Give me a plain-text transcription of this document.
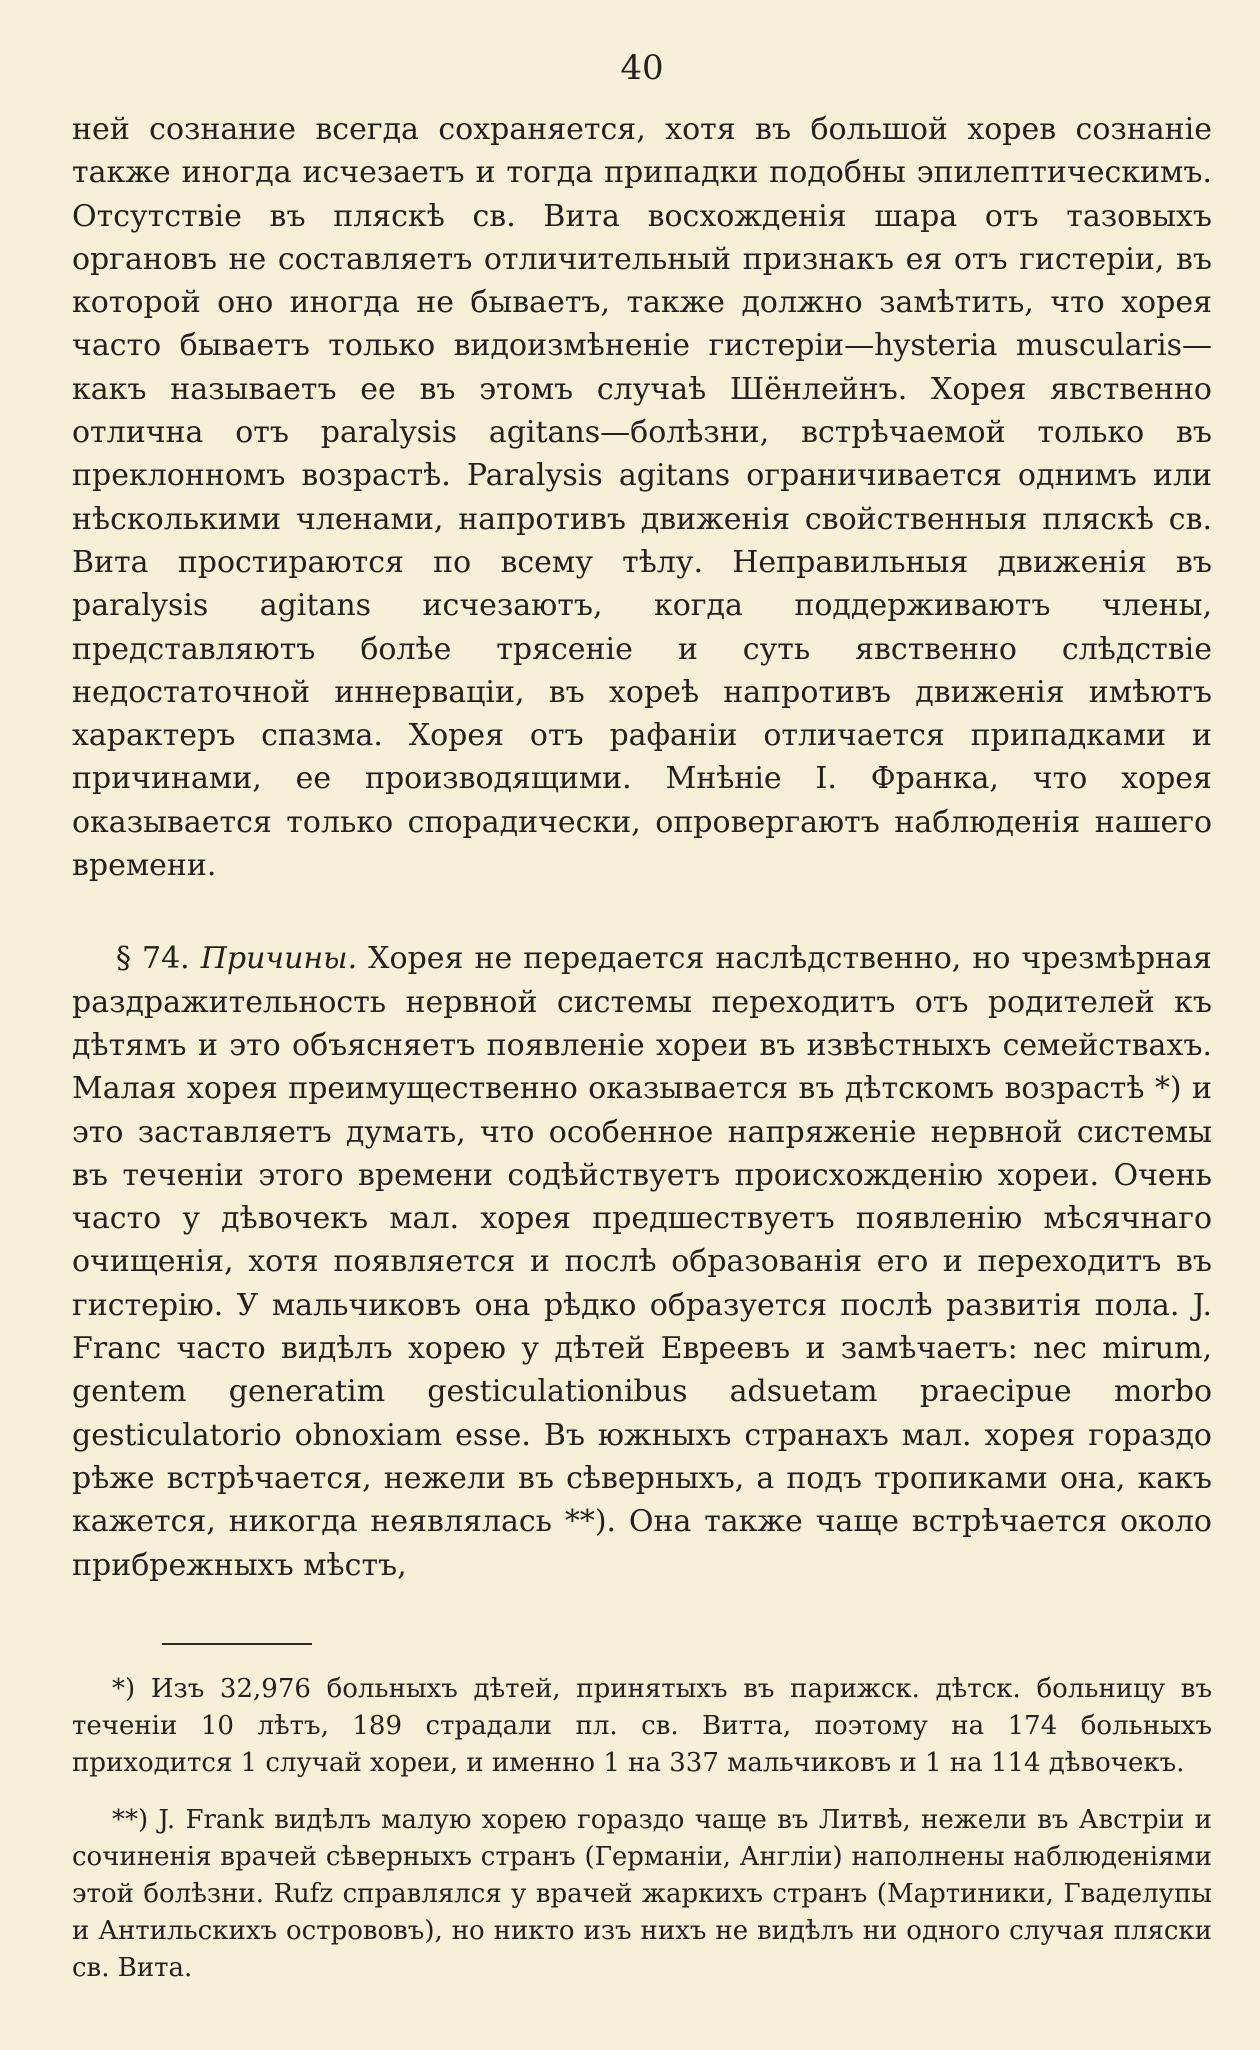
40

ней сознание всегда сохраняется, хотя въ большой хорев сознаніе также иногда исчезаетъ и тогда припадки подобны эпилептическимъ. Отсутствіе въ пляскѣ св. Вита восхожденія шара отъ тазовыхъ органовъ не составляетъ отличительный признакъ ея отъ гистеріи, въ которой оно иногда не бываетъ, также должно замѣтить, что хорея часто бываетъ только видоизмѣненіе гистеріи—hysteria muscularis—какъ называетъ ее въ этомъ случаѣ Шёнлейнъ. Хорея явственно отлична отъ paralysis agitans—болѣзни, встрѣчаемой только въ преклонномъ возрастѣ. Paralysis agitans ограничивается однимъ или нѣсколькими членами, напротивъ движенія свойственныя пляскѣ св. Вита простираются по всему тѣлу. Неправильныя движенія въ paralysis agitans исчезаютъ, когда поддерживаютъ члены, представляютъ болѣе трясеніе и суть явственно слѣдствіе недостаточной иннерваціи, въ хореѣ напротивъ движенія имѣютъ характеръ спазма. Хорея отъ рафаніи отличается припадками и причинами, ее производящими. Мнѣніе I. Франка, что хорея оказывается только спорадически, опровергаютъ наблюденія нашего времени.

§ 74. Причины. Хорея не передается наслѣдственно, но чрезмѣрная раздражительность нервной системы переходитъ отъ родителей къ дѣтямъ и это объясняетъ появленіе хореи въ извѣстныхъ семействахъ. Малая хорея преимущественно оказывается въ дѣтскомъ возрастѣ *) и это заставляетъ думать, что особенное напряженіе нервной системы въ теченіи этого времени содѣйствуетъ происхожденію хореи. Очень часто у дѣвочекъ мал. хорея предшествуетъ появленію мѣсячнаго очищенія, хотя появляется и послѣ образованія его и переходитъ въ гистерію. У мальчиковъ она рѣдко образуется послѣ развитія пола. J. Franc часто видѣлъ хорею у дѣтей Евреевъ и замѣчаетъ: nec mirum, gentem generatim gesticulationibus adsuetam praecipue morbo gesticulatorio obnoxiam esse. Въ южныхъ странахъ мал. хорея гораздо рѣже встрѣчается, нежели въ сѣверныхъ, а подъ тропиками она, какъ кажется, никогда неявлялась **). Она также чаще встрѣчается около прибрежныхъ мѣстъ,

*) Изъ 32,976 больныхъ дѣтей, принятыхъ въ парижск. дѣтск. больницу въ теченіи 10 лѣтъ, 189 страдали пл. св. Витта, поэтому на 174 больныхъ приходится 1 случай хореи, и именно 1 на 337 мальчиковъ и 1 на 114 дѣвочекъ.

**) J. Frank видѣлъ малую хорею гораздо чаще въ Литвѣ, нежели въ Австріи и сочиненія врачей сѣверныхъ странъ (Германіи, Англіи) наполнены наблюденіями этой болѣзни. Rufz справлялся у врачей жаркихъ странъ (Мартиники, Гваделупы и Антильскихъ острововъ), но никто изъ нихъ не видѣлъ ни одного случая пляски св. Вита.
